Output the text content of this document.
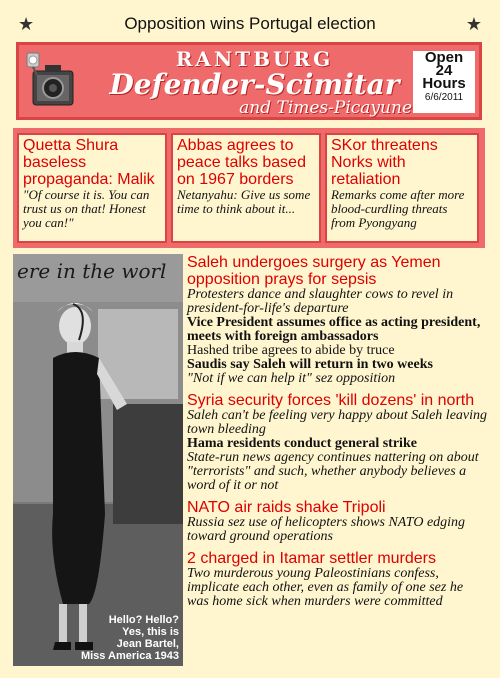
★	★
Opposition wins Portugal election
RANTBURG
Defender-Scimitar
and Times-Picayune
Open
24
Hours
6/6/2011
Quetta Shura baseless propaganda: Malik
"Of course it is. You can trust us on that! Honest you can!"
Abbas agrees to peace talks based on 1967 borders
Netanyahu: Give us some time to think about it...
SKor threatens Norks with retaliation
Remarks come after more blood-curdling threats from Pyongyang
ere in the worl
Hello? Hello?
Yes, this is
Jean Bartel,
Miss America 1943
Saleh undergoes surgery as Yemen opposition prays for sepsis
Protesters dance and slaughter cows to revel in president-for-life's departure
Vice President assumes office as acting president, meets with foreign ambassadors
Hashed tribe agrees to abide by truce
Saudis say Saleh will return in two weeks
"Not if we can help it" sez opposition
Syria security forces 'kill dozens' in north
Saleh can't be feeling very happy about Saleh leaving town bleeding
Hama residents conduct general strike
State-run news agency continues nattering on about "terrorists" and such, whether anybody believes a word of it or not
NATO air raids shake Tripoli
Russia sez use of helicopters shows NATO edging toward ground operations
2 charged in Itamar settler murders
Two murderous young Paleostinians confess, implicate each other, even as family of one sez he was home sick when murders were committed
